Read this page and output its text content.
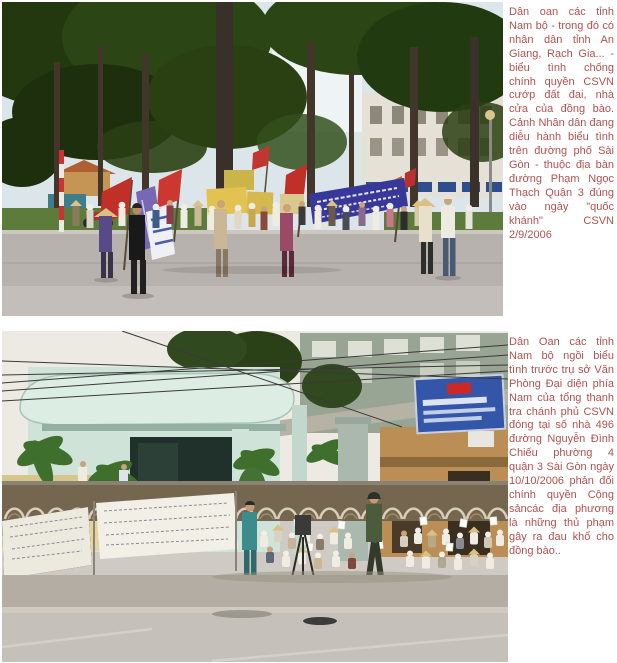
Dân oan các tỉnh Nam bộ - trong đó có nhân dân tỉnh An Giang, Rạch Gia... - biểu tình chống chính quyền CSVN cướp đất đai, nhà cửa của đồng bào. Cảnh Nhân dân đang diễu hành biểu tình trên đường phố Sài Gòn - thuộc địa bàn đường Phạm Ngọc Thạch Quận 3 đúng vào ngày "quốc khánh" CSVN 2/9/2006
Dân Oan các tỉnh Nam bộ ngồi biểu tình trước trụ sở Văn Phòng Đại diện phía Nam của tổng thanh tra chánh phủ CSVN đóng tại số nhà 496 đường Nguyễn Đình Chiếu phường 4 quận 3 Sài Gòn ngày 10/10/2006 phản đối chính quyền Cộng sảncác địa phương là những thủ phạm gây ra đau khổ cho đồng bào..
